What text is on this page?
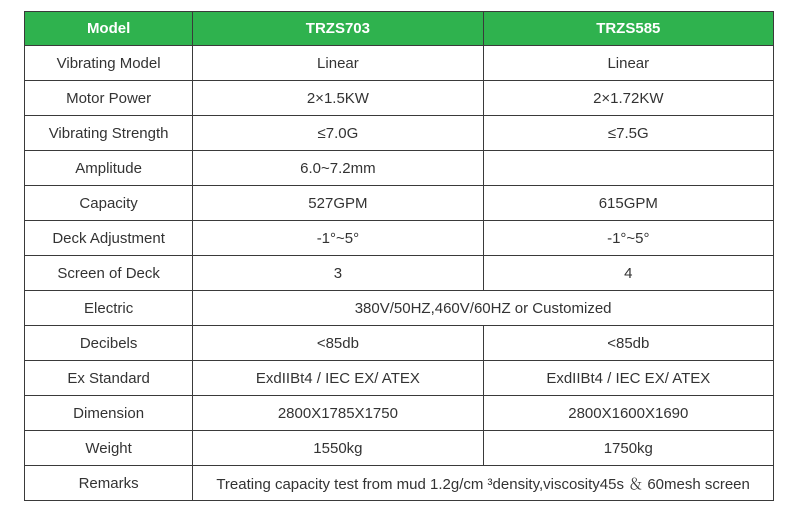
Model	TRZS703	TRZS585
Vibrating Model	Linear	Linear
Motor Power	2×1.5KW	2×1.72KW
Vibrating Strength	≤7.0G	≤7.5G
Amplitude	6.0~7.2mm	
Capacity	527GPM	615GPM
Deck Adjustment	-1°~5°	-1°~5°
Screen of Deck	3	4
Electric	380V/50HZ,460V/60HZ or Customized	
Decibels	<85db	<85db
Ex Standard	ExdIIBt4 / IEC EX/ ATEX	ExdIIBt4 / IEC EX/ ATEX
Dimension	2800X1785X1750	2800X1600X1690
Weight	1550kg	1750kg
Remarks	Treating capacity test from mud 1.2g/cm ³density,viscosity45s ＆ 60mesh screen	
